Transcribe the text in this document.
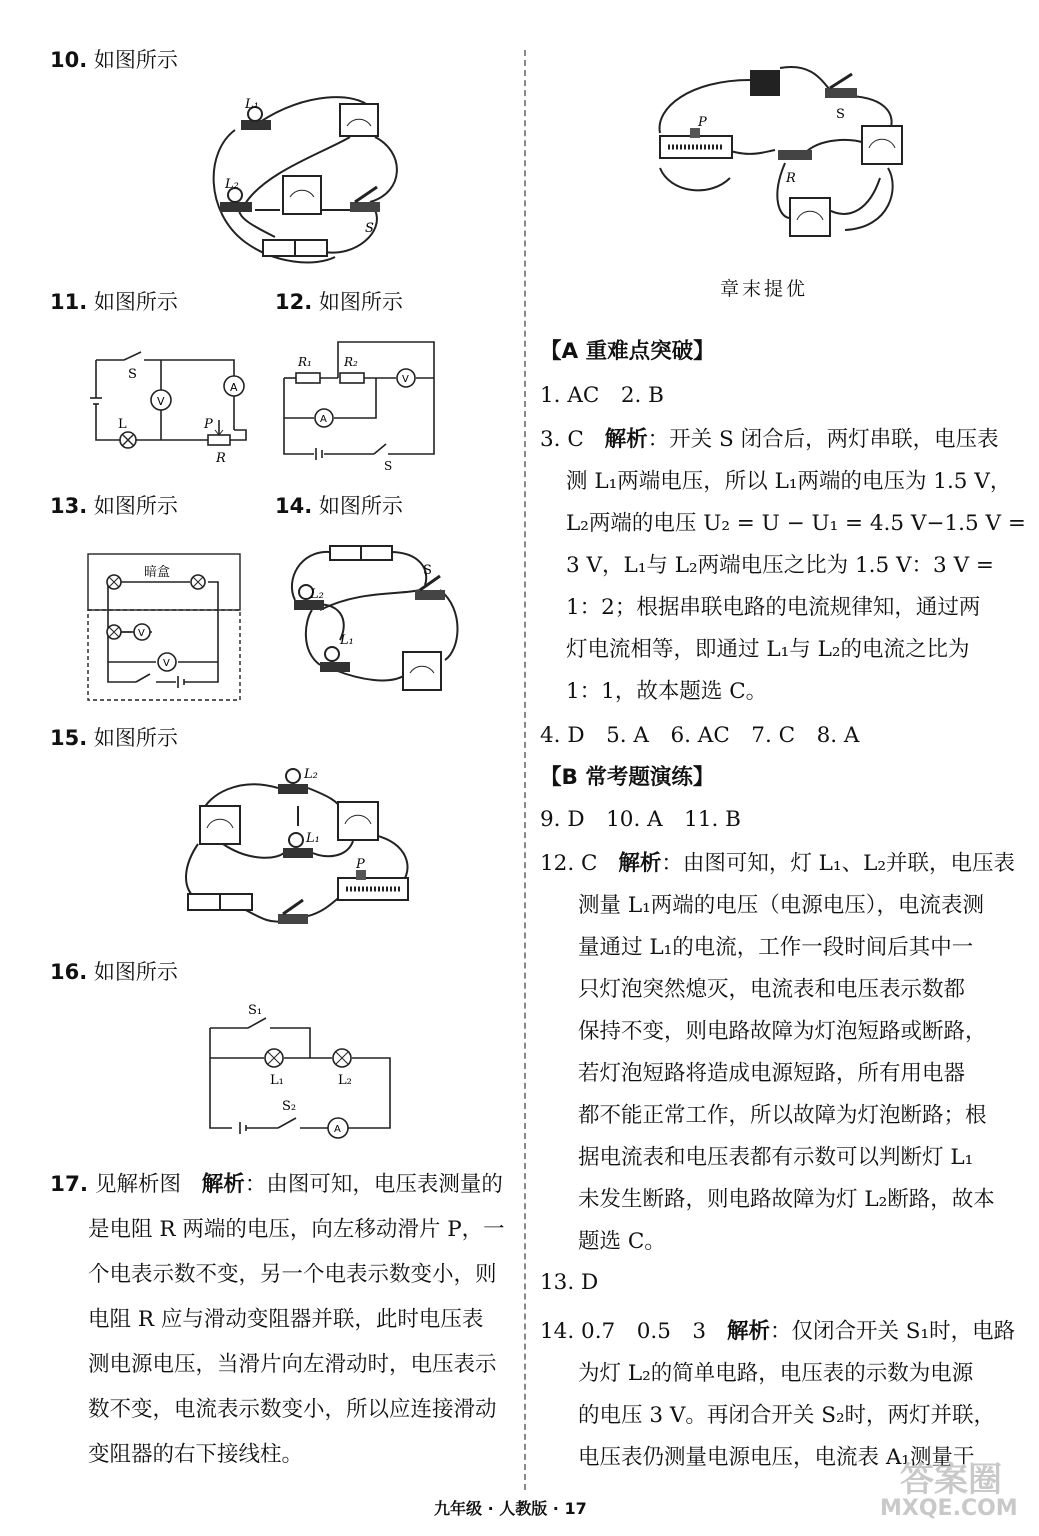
10. 如图所示
L₁
L₂
S
11. 如图所示	12. 如图所示
V
A
S
L	P
R
V
A
R₁	R₂
S
13. 如图所示	14. 如图所示
V
V
暗盒
L₂
L₁
S
15. 如图所示
L₂
L₁
P
16. 如图所示
A
S₁
S₂
L₁	L₂
17. 见解析图 解析：由图可知，电压表测量的
是电阻 R 两端的电压，向左移动滑片 P，一
个电表示数不变，另一个电表示数变小，则
电阻 R 应与滑动变阻器并联，此时电压表
测电源电压，当滑片向左滑动时，电压表示
数不变，电流表示数变小，所以应连接滑动
变阻器的右下接线柱。
P
R
S
章末提优
【A 重难点突破】
1. AC　2. B
3. C 解析：开关 S 闭合后，两灯串联，电压表
测 L₁两端电压，所以 L₁两端的电压为 1.5 V，
L₂两端的电压 U₂ = U − U₁ = 4.5 V−1.5 V =
3 V，L₁与 L₂两端电压之比为 1.5 V：3 V =
1：2；根据串联电路的电流规律知，通过两
灯电流相等，即通过 L₁与 L₂的电流之比为
1：1，故本题选 C。
4. D　5. A　6. AC　7. C　8. A
【B 常考题演练】
9. D　10. A　11. B
12. C 解析：由图可知，灯 L₁、L₂并联，电压表
测量 L₁两端的电压（电源电压），电流表测
量通过 L₁的电流，工作一段时间后其中一
只灯泡突然熄灭，电流表和电压表示数都
保持不变，则电路故障为灯泡短路或断路，
若灯泡短路将造成电源短路，所有用电器
都不能正常工作，所以故障为灯泡断路；根
据电流表和电压表都有示数可以判断灯 L₁
未发生断路，则电路故障为灯 L₂断路，故本
题选 C。
13. D
14. 0.7　0.5　3 解析：仅闭合开关 S₁时，电路
为灯 L₂的简单电路，电压表的示数为电源
的电压 3 V。再闭合开关 S₂时，两灯并联，
电压表仍测量电源电压，电流表 A₁测量干
九年级 · 人教版 · 17
答案圈
MXQE.COM
